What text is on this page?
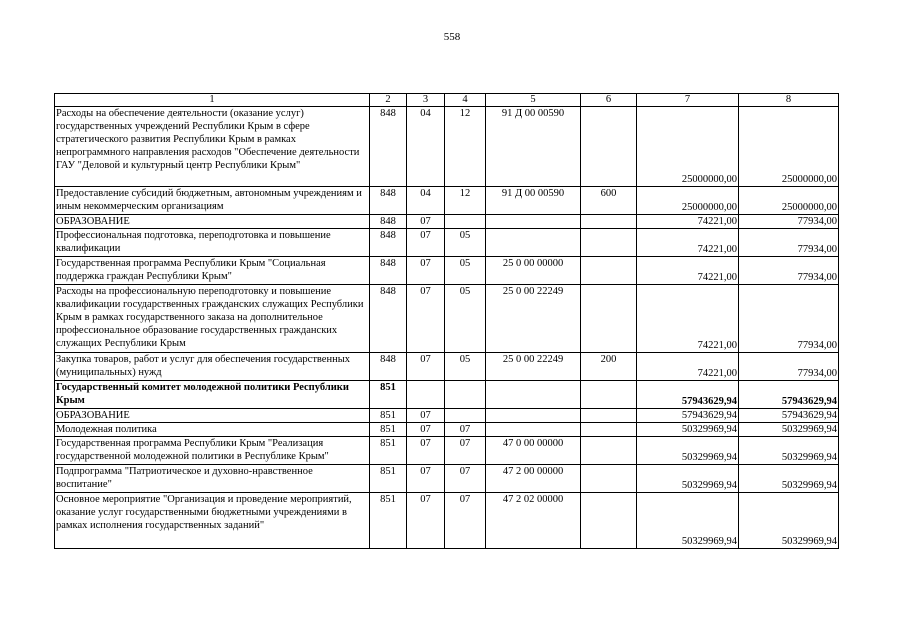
558
1	2	3	4	5	6	7	8
Расходы на обеспечение деятельности (оказание услуг) государственных учреждений Республики Крым в сфере стратегического развития Республики Крым в рамках непрограммного направления расходов "Обеспечение деятельности ГАУ "Деловой и культурный центр Республики Крым"	848	04	12	91 Д 00 00590		25000000,00	25000000,00
Предоставление субсидий бюджетным, автономным учреждениям и иным некоммерческим организациям	848	04	12	91 Д 00 00590	600	25000000,00	25000000,00
ОБРАЗОВАНИЕ	848	07				74221,00	77934,00
Профессиональная подготовка, переподготовка и повышение квалификации	848	07	05			74221,00	77934,00
Государственная программа Республики Крым "Социальная поддержка граждан Республики Крым"	848	07	05	25 0 00 00000		74221,00	77934,00
Расходы на профессиональную переподготовку и повышение квалификации государственных гражданских служащих Республики Крым в рамках государственного заказа на дополнительное профессиональное образование государственных гражданских служащих Республики Крым	848	07	05	25 0 00 22249		74221,00	77934,00
Закупка товаров, работ и услуг для обеспечения государственных (муниципальных) нужд	848	07	05	25 0 00 22249	200	74221,00	77934,00
Государственный комитет молодежной политики Республики Крым	851					57943629,94	57943629,94
ОБРАЗОВАНИЕ	851	07				57943629,94	57943629,94
Молодежная политика	851	07	07			50329969,94	50329969,94
Государственная программа Республики Крым "Реализация государственной молодежной политики в Республике Крым"	851	07	07	47 0 00 00000		50329969,94	50329969,94
Подпрограмма "Патриотическое и духовно-нравственное воспитание"	851	07	07	47 2 00 00000		50329969,94	50329969,94
Основное мероприятие "Организация и проведение мероприятий, оказание услуг государственными бюджетными учреждениями в рамках исполнения государственных заданий"	851	07	07	47 2 02 00000		50329969,94	50329969,94
